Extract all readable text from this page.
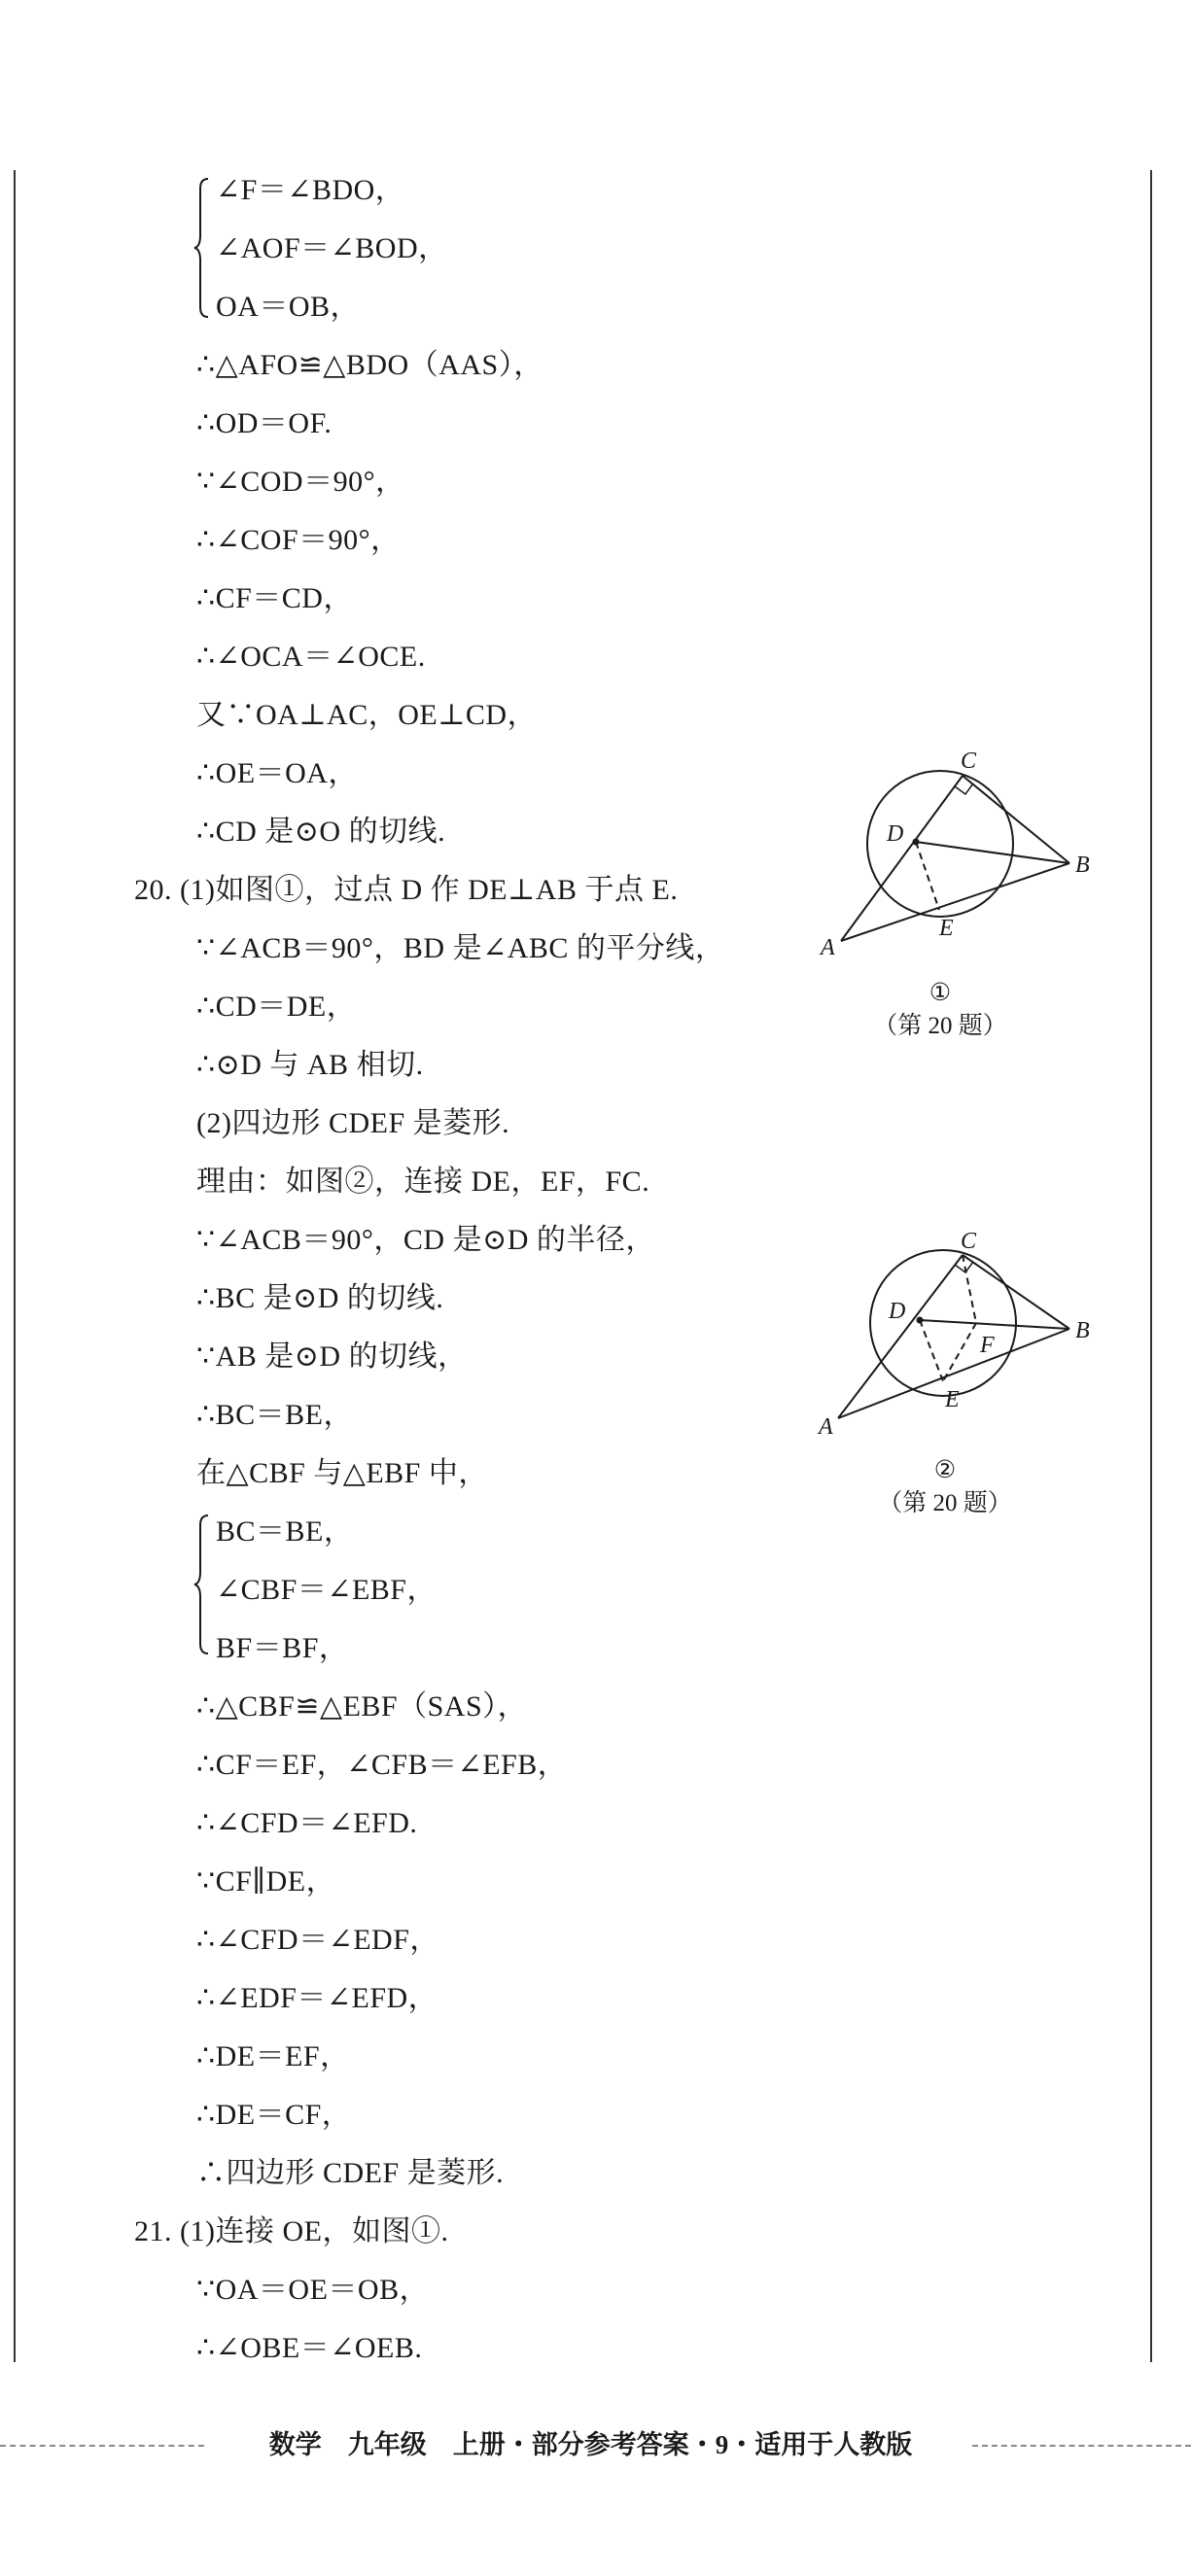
∠F＝∠BDO，
∠AOF＝∠BOD，
OA＝OB，
∴△AFO≌△BDO（AAS），
∴OD＝OF.
∵∠COD＝90°，
∴∠COF＝90°，
∴CF＝CD，
∴∠OCA＝∠OCE.
又∵OA⊥AC，OE⊥CD，
∴OE＝OA，
∴CD 是⊙O 的切线.
20. (1)如图①，过点 D 作 DE⊥AB 于点 E.
∵∠ACB＝90°，BD 是∠ABC 的平分线，
∴CD＝DE，
∴⊙D 与 AB 相切.
(2)四边形 CDEF 是菱形.
理由：如图②，连接 DE，EF，FC.
∵∠ACB＝90°，CD 是⊙D 的半径，
∴BC 是⊙D 的切线.
∵AB 是⊙D 的切线，
∴BC＝BE，
在△CBF 与△EBF 中，
BC＝BE，
∠CBF＝∠EBF，
BF＝BF，
∴△CBF≌△EBF（SAS），
∴CF＝EF，∠CFB＝∠EFB，
∴∠CFD＝∠EFD.
∵CF∥DE，
∴∠CFD＝∠EDF，
∴∠EDF＝∠EFD，
∴DE＝EF，
∴DE＝CF，
∴四边形 CDEF 是菱形.
21. (1)连接 OE，如图①.
∵OA＝OE＝OB，
∴∠OBE＝∠OEB.
C
D
B
A
E
①
（第 20 题）
C
D
F
B
A
E
②
（第 20 题）
数学　九年级　上册・部分参考答案・9・适用于人教版
